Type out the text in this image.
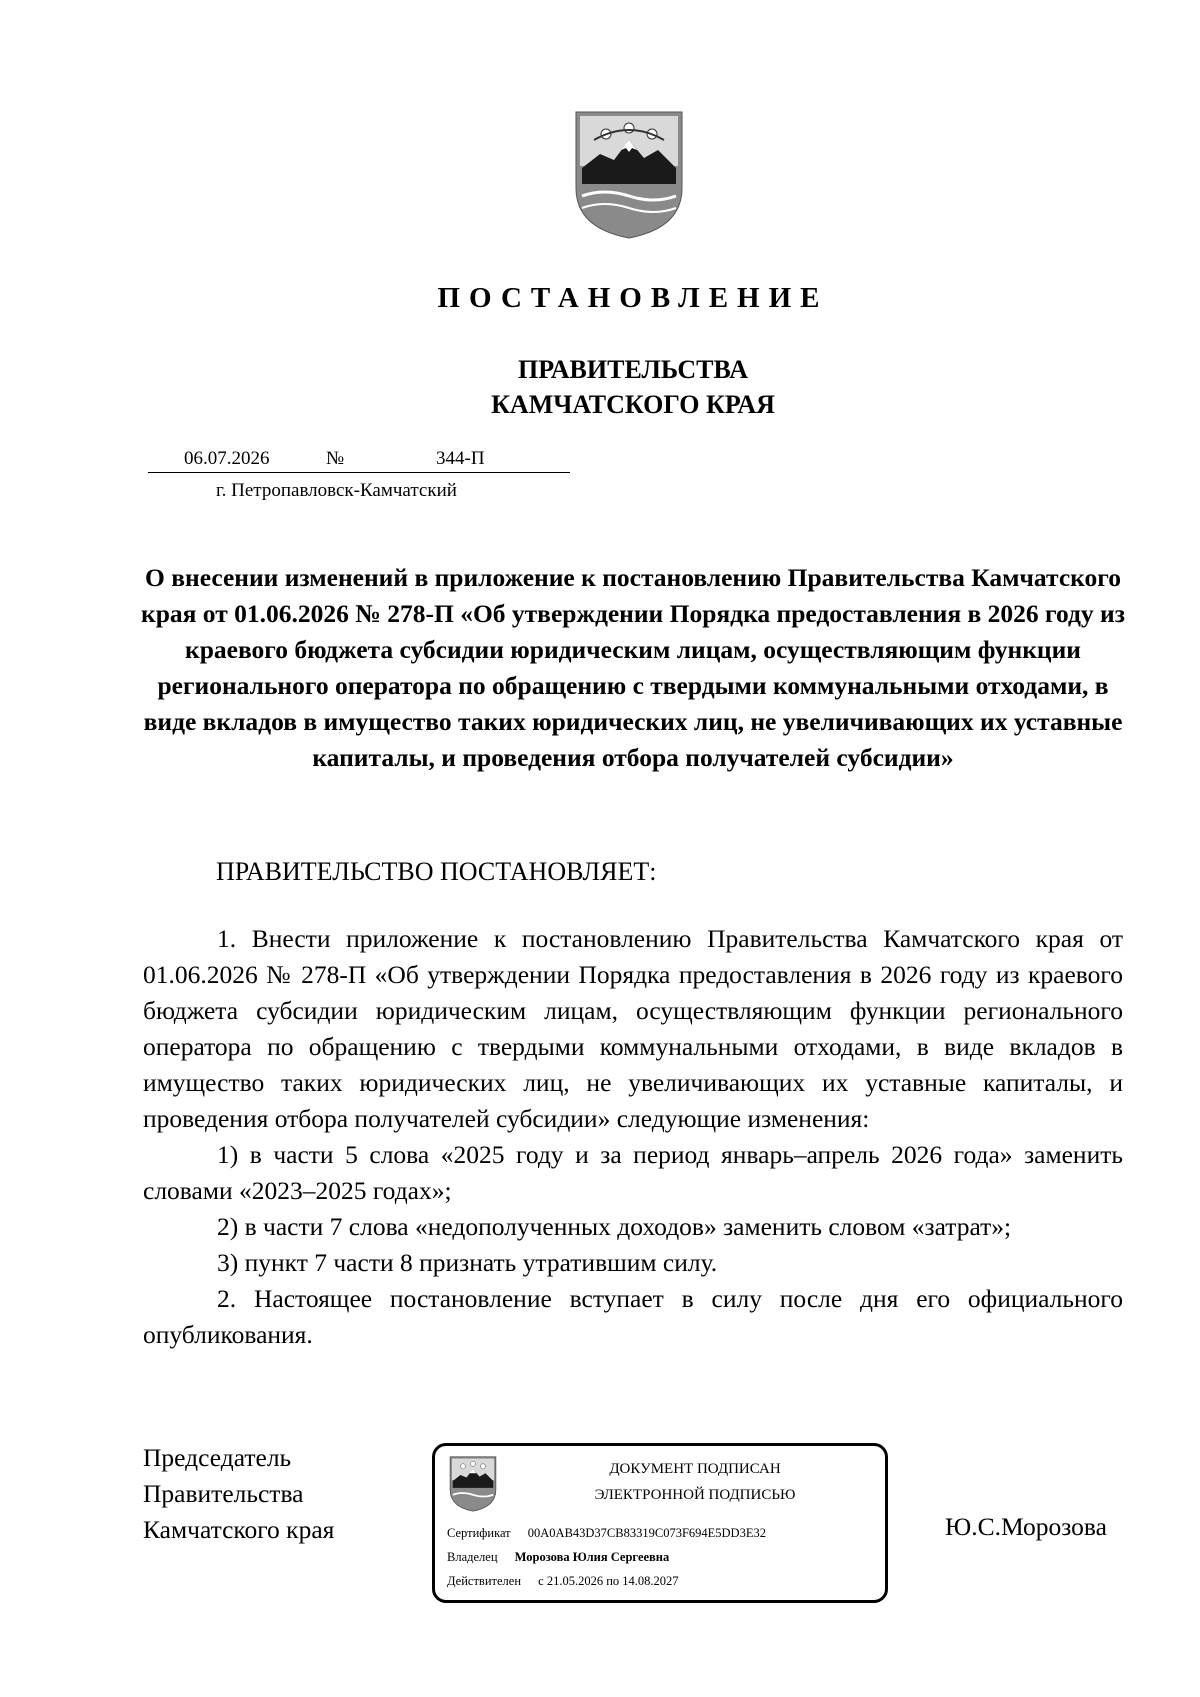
ПОСТАНОВЛЕНИЕ
ПРАВИТЕЛЬСТВА
КАМЧАТСКОГО КРАЯ
06.07.2026	№	344-П
г. Петропавловск-Камчатский
О внесении изменений в приложение к постановлению Правительства Камчатского края от 01.06.2026 № 278-П «Об утверждении Порядка предоставления в 2026 году из краевого бюджета субсидии юридическим лицам, осуществляющим функции регионального оператора по обращению с твердыми коммунальными отходами, в виде вкладов в имущество таких юридических лиц, не увеличивающих их уставные капиталы, и проведения отбора получателей субсидии»
ПРАВИТЕЛЬСТВО ПОСТАНОВЛЯЕТ:

1. Внести приложение к постановлению Правительства Камчатского края от 01.06.2026 № 278-П «Об утверждении Порядка предоставления в 2026 году из краевого бюджета субсидии юридическим лицам, осуществляющим функции регионального оператора по обращению с твердыми коммунальными отходами, в виде вкладов в имущество таких юридических лиц, не увеличивающих их уставные капиталы, и проведения отбора получателей субсидии» следующие изменения:

1) в части 5 слова «2025 году и за период январь–апрель 2026 года» заменить словами «2023–2025 годах»;

2) в части 7 слова «недополученных доходов» заменить словом «затрат»;

3) пункт 7 части 8 признать утратившим силу.

2. Настоящее постановление вступает в силу после дня его официального опубликования.

Председатель
Правительства
Камчатского края
ДОКУМЕНТ ПОДПИСАН
ЭЛЕКТРОННОЙ ПОДПИСЬЮ
Сертификат 00A0AB43D37CB83319C073F694E5DD3E32
Владелец Морозова Юлия Сергеевна
Действителен с 21.05.2026 по 14.08.2027
Ю.С.Морозова
